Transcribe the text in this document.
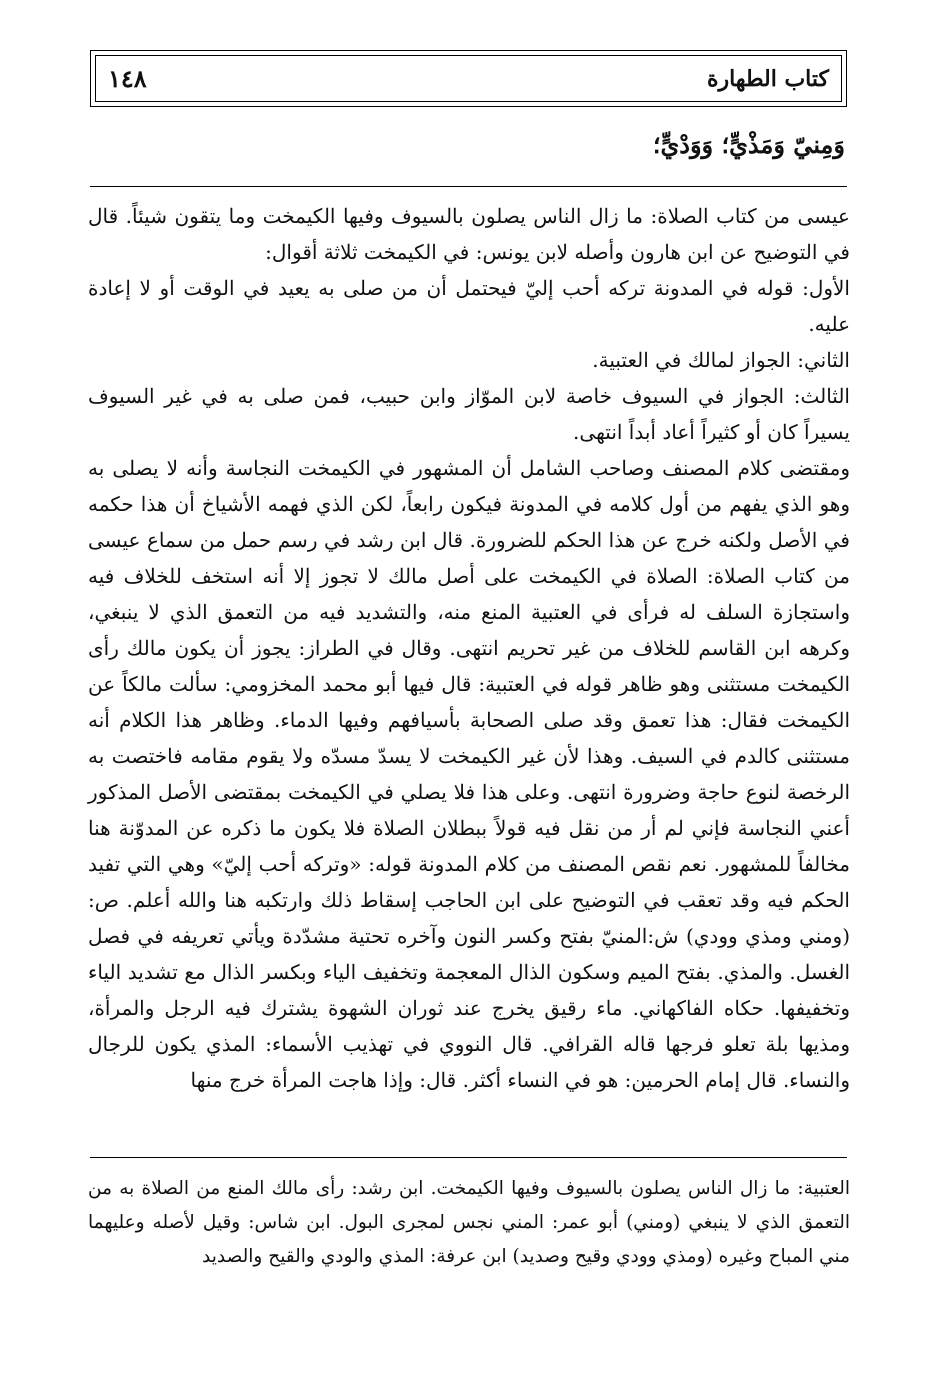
كتاب الطهارة
١٤٨
وَمِنيّ وَمَذْيٍّ؛ وَوَدْيٍّ؛

عيسى من كتاب الصلاة: ما زال الناس يصلون بالسيوف وفيها الكيمخت وما يتقون شيئاً. قال في التوضيح عن ابن هارون وأصله لابن يونس: في الكيمخت ثلاثة أقوال:

الأول: قوله في المدونة تركه أحب إليّ فيحتمل أن من صلى به يعيد في الوقت أو لا إعادة عليه.

الثاني: الجواز لمالك في العتبية.

الثالث: الجواز في السيوف خاصة لابن الموّاز وابن حبيب، فمن صلى به في غير السيوف يسيراً كان أو كثيراً أعاد أبداً انتهى.

ومقتضى كلام المصنف وصاحب الشامل أن المشهور في الكيمخت النجاسة وأنه لا يصلى به وهو الذي يفهم من أول كلامه في المدونة فيكون رابعاً، لكن الذي فهمه الأشياخ أن هذا حكمه في الأصل ولكنه خرج عن هذا الحكم للضرورة. قال ابن رشد في رسم حمل من سماع عيسى من كتاب الصلاة: الصلاة في الكيمخت على أصل مالك لا تجوز إلا أنه استخف للخلاف فيه واستجازة السلف له فرأى في العتبية المنع منه، والتشديد فيه من التعمق الذي لا ينبغي، وكرهه ابن القاسم للخلاف من غير تحريم انتهى. وقال في الطراز: يجوز أن يكون مالك رأى الكيمخت مستثنى وهو ظاهر قوله في العتبية: قال فيها أبو محمد المخزومي: سألت مالكاً عن الكيمخت فقال: هذا تعمق وقد صلى الصحابة بأسيافهم وفيها الدماء. وظاهر هذا الكلام أنه مستثنى كالدم في السيف. وهذا لأن غير الكيمخت لا يسدّ مسدّه ولا يقوم مقامه فاختصت به الرخصة لنوع حاجة وضرورة انتهى. وعلى هذا فلا يصلي في الكيمخت بمقتضى الأصل المذكور أعني النجاسة فإني لم أر من نقل فيه قولاً ببطلان الصلاة فلا يكون ما ذكره عن المدوّنة هنا مخالفاً للمشهور. نعم نقص المصنف من كلام المدونة قوله: «وتركه أحب إليّ» وهي التي تفيد الحكم فيه وقد تعقب في التوضيح على ابن الحاجب إسقاط ذلك وارتكبه هنا والله أعلم. ص: (ومني ومذي وودي) ش:المنيّ بفتح وكسر النون وآخره تحتية مشدّدة ويأتي تعريفه في فصل الغسل. والمذي. بفتح الميم وسكون الذال المعجمة وتخفيف الياء وبكسر الذال مع تشديد الياء وتخفيفها. حكاه الفاكهاني. ماء رقيق يخرج عند ثوران الشهوة يشترك فيه الرجل والمرأة، ومذيها بلة تعلو فرجها قاله القرافي. قال النووي في تهذيب الأسماء: المذي يكون للرجال والنساء. قال إمام الحرمين: هو في النساء أكثر. قال: وإذا هاجت المرأة خرج منها

العتبية: ما زال الناس يصلون بالسيوف وفيها الكيمخت. ابن رشد: رأى مالك المنع من الصلاة به من التعمق الذي لا ينبغي (ومني) أبو عمر: المني نجس لمجرى البول. ابن شاس: وقيل لأصله وعليهما مني المباح وغيره (ومذي وودي وقيح وصديد) ابن عرفة: المذي والودي والقيح والصديد
